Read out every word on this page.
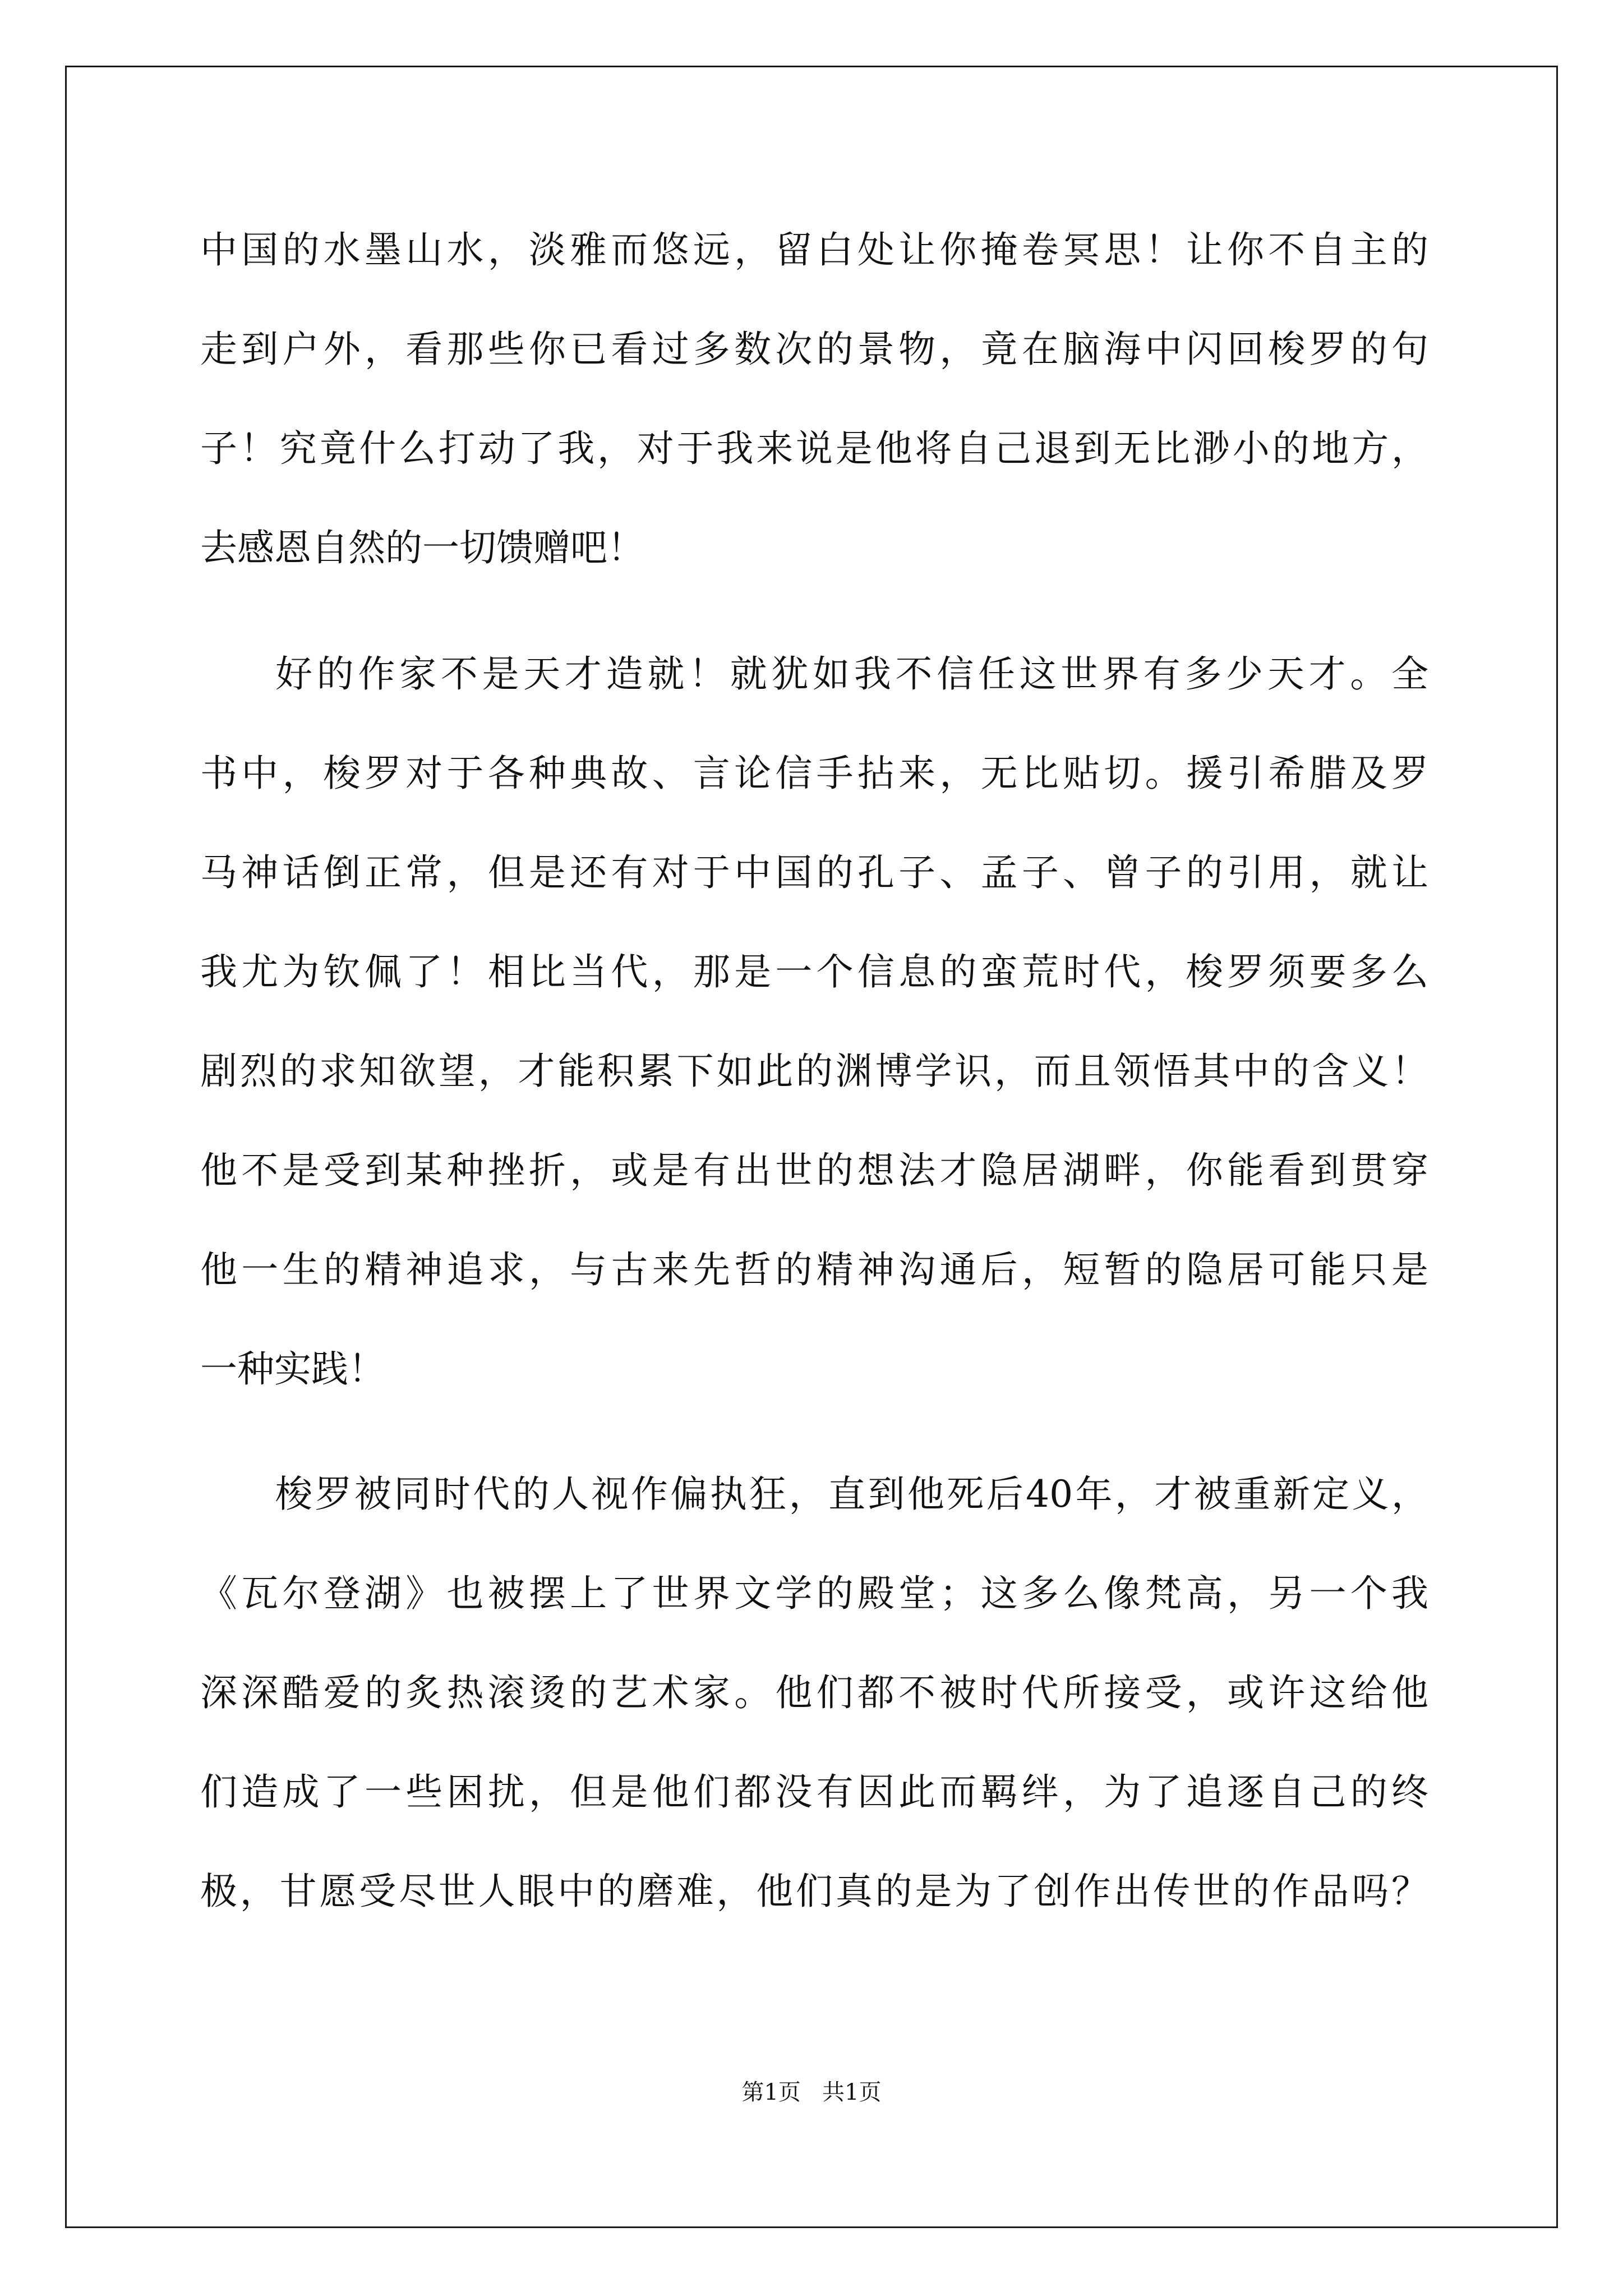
中国的水墨山水，淡雅而悠远，留白处让你掩卷冥思！让你不自主的
走到户外，看那些你已看过多数次的景物，竟在脑海中闪回梭罗的句
子！究竟什么打动了我，对于我来说是他将自己退到无比渺小的地方，
去感恩自然的一切馈赠吧！
好的作家不是天才造就！就犹如我不信任这世界有多少天才。全
书中，梭罗对于各种典故、言论信手拈来，无比贴切。援引希腊及罗
马神话倒正常，但是还有对于中国的孔子、孟子、曾子的引用，就让
我尤为钦佩了！相比当代，那是一个信息的蛮荒时代，梭罗须要多么
剧烈的求知欲望，才能积累下如此的渊博学识，而且领悟其中的含义！
他不是受到某种挫折，或是有出世的想法才隐居湖畔，你能看到贯穿
他一生的精神追求，与古来先哲的精神沟通后，短暂的隐居可能只是
一种实践！
梭罗被同时代的人视作偏执狂，直到他死后40年，才被重新定义，
《瓦尔登湖》也被摆上了世界文学的殿堂；这多么像梵高，另一个我
深深酷爱的炙热滚烫的艺术家。他们都不被时代所接受，或许这给他
们造成了一些困扰，但是他们都没有因此而羁绊，为了追逐自己的终
极，甘愿受尽世人眼中的磨难，他们真的是为了创作出传世的作品吗？
第1页   共1页
